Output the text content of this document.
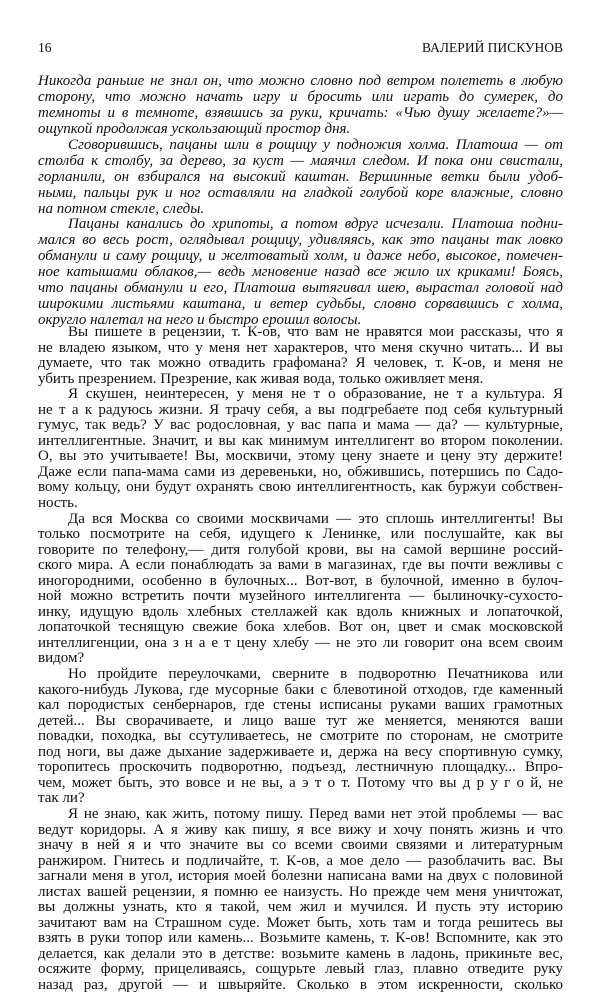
16	ВАЛЕРИЙ ПИСКУНОВ
Никогда раньше не знал он, что можно словно под ветром полететь в любую
сторону, что можно начать игру и бросить или играть до сумерек, до
темноты и в темноте, взявшись за руки, кричать: «Чью душу желаете?»—
ощупкой продолжая ускользающий простор дня.
Сговорившись, пацаны шли в рощицу у подножия холма. Платоша — от
столба к столбу, за дерево, за куст — маячил следом. И пока они свистали,
горланили, он взбирался на высокий каштан. Вершинные ветки были удоб-
ными, пальцы рук и ног оставляли на гладкой голубой коре влажные, словно
на потном стекле, следы.
Пацаны канались до хрипоты, а потом вдруг исчезали. Платоша подни-
мался во весь рост, оглядывал рощицу, удивляясь, как это пацаны так ловко
обманули и саму рощицу, и желтоватый холм, и даже небо, высокое, помечен-
ное катышами облаков,— ведь мгновение назад все жило их криками! Боясь,
что пацаны обманули и его, Платоша вытягивал шею, вырастал головой над
широкими листьями каштана, и ветер судьбы, словно сорвавшись с холма,
округло налетал на него и быстро ерошил волосы.
Вы пишете в рецензии, т. К-ов, что вам не нравятся мои рассказы, что я
не владею языком, что у меня нет характеров, что меня скучно читать... И вы
думаете, что так можно отвадить графомана? Я человек, т. К-ов, и меня не
убить презрением. Презрение, как живая вода, только оживляет меня.
Я скушен, неинтересен, у меня не т о образование, не т а культура. Я
не т а к радуюсь жизни. Я трачу себя, а вы подгребаете под себя культурный
гумус, так ведь? У вас родословная, у вас папа и мама — да? — культурные,
интеллигентные. Значит, и вы как минимум интеллигент во втором поколении.
О, вы это учитываете! Вы, москвичи, этому цену знаете и цену эту держите!
Даже если папа-мама сами из деревеньки, но, обжившись, потершись по Садо-
вому кольцу, они будут охранять свою интеллигентность, как буржуи собствен-
ность.
Да вся Москва со своими москвичами — это сплошь интеллигенты! Вы
только посмотрите на себя, идущего к Ленинке, или послушайте, как вы
говорите по телефону,— дитя голубой крови, вы на самой вершине россий-
ского мира. А если понаблюдать за вами в магазинах, где вы почти вежливы с
иногородними, особенно в булочных... Вот-вот, в булочной, именно в булоч-
ной можно встретить почти музейного интеллигента — былиночку-сухосто-
инку, идущую вдоль хлебных стеллажей как вдоль книжных и лопаточкой,
лопаточкой теснящую свежие бока хлебов. Вот он, цвет и смак московской
интеллигенции, она з н а е т цену хлебу — не это ли говорит она всем своим
видом?
Но пройдите переулочками, сверните в подворотню Печатникова или
какого-нибудь Лукова, где мусорные баки с блевотиной отходов, где каменный
кал породистых сенбернаров, где стены исписаны руками ваших грамотных
детей... Вы сворачиваете, и лицо ваше тут же меняется, меняются ваши
повадки, походка, вы ссутуливаетесь, не смотрите по сторонам, не смотрите
под ноги, вы даже дыхание задерживаете и, держа на весу спортивную сумку,
торопитесь проскочить подворотню, подъезд, лестничную площадку... Впро-
чем, может быть, это вовсе и не вы, а э т о т. Потому что вы д р у г о й, не
так ли?
Я не знаю, как жить, потому пишу. Перед вами нет этой проблемы — вас
ведут коридоры. А я живу как пишу, я все вижу и хочу понять жизнь и что
значу в ней я и что значите вы со всеми своими связями и литературным
ранжиром. Гнитесь и подличайте, т. К-ов, а мое дело — разоблачить вас. Вы
загнали меня в угол, история моей болезни написана вами на двух с половиной
листах вашей рецензии, я помню ее наизусть. Но прежде чем меня уничтожат,
вы должны узнать, кто я такой, чем жил и мучился. И пусть эту историю
зачитают вам на Страшном суде. Может быть, хоть там и тогда решитесь вы
взять в руки топор или камень... Возьмите камень, т. К-ов! Вспомните, как это
делается, как делали это в детстве: возьмите камень в ладонь, прикиньте вес,
осяжите форму, прицеливаясь, сощурьте левый глаз, плавно отведите руку
назад раз, другой — и швыряйте. Сколько в этом искренности, сколько
